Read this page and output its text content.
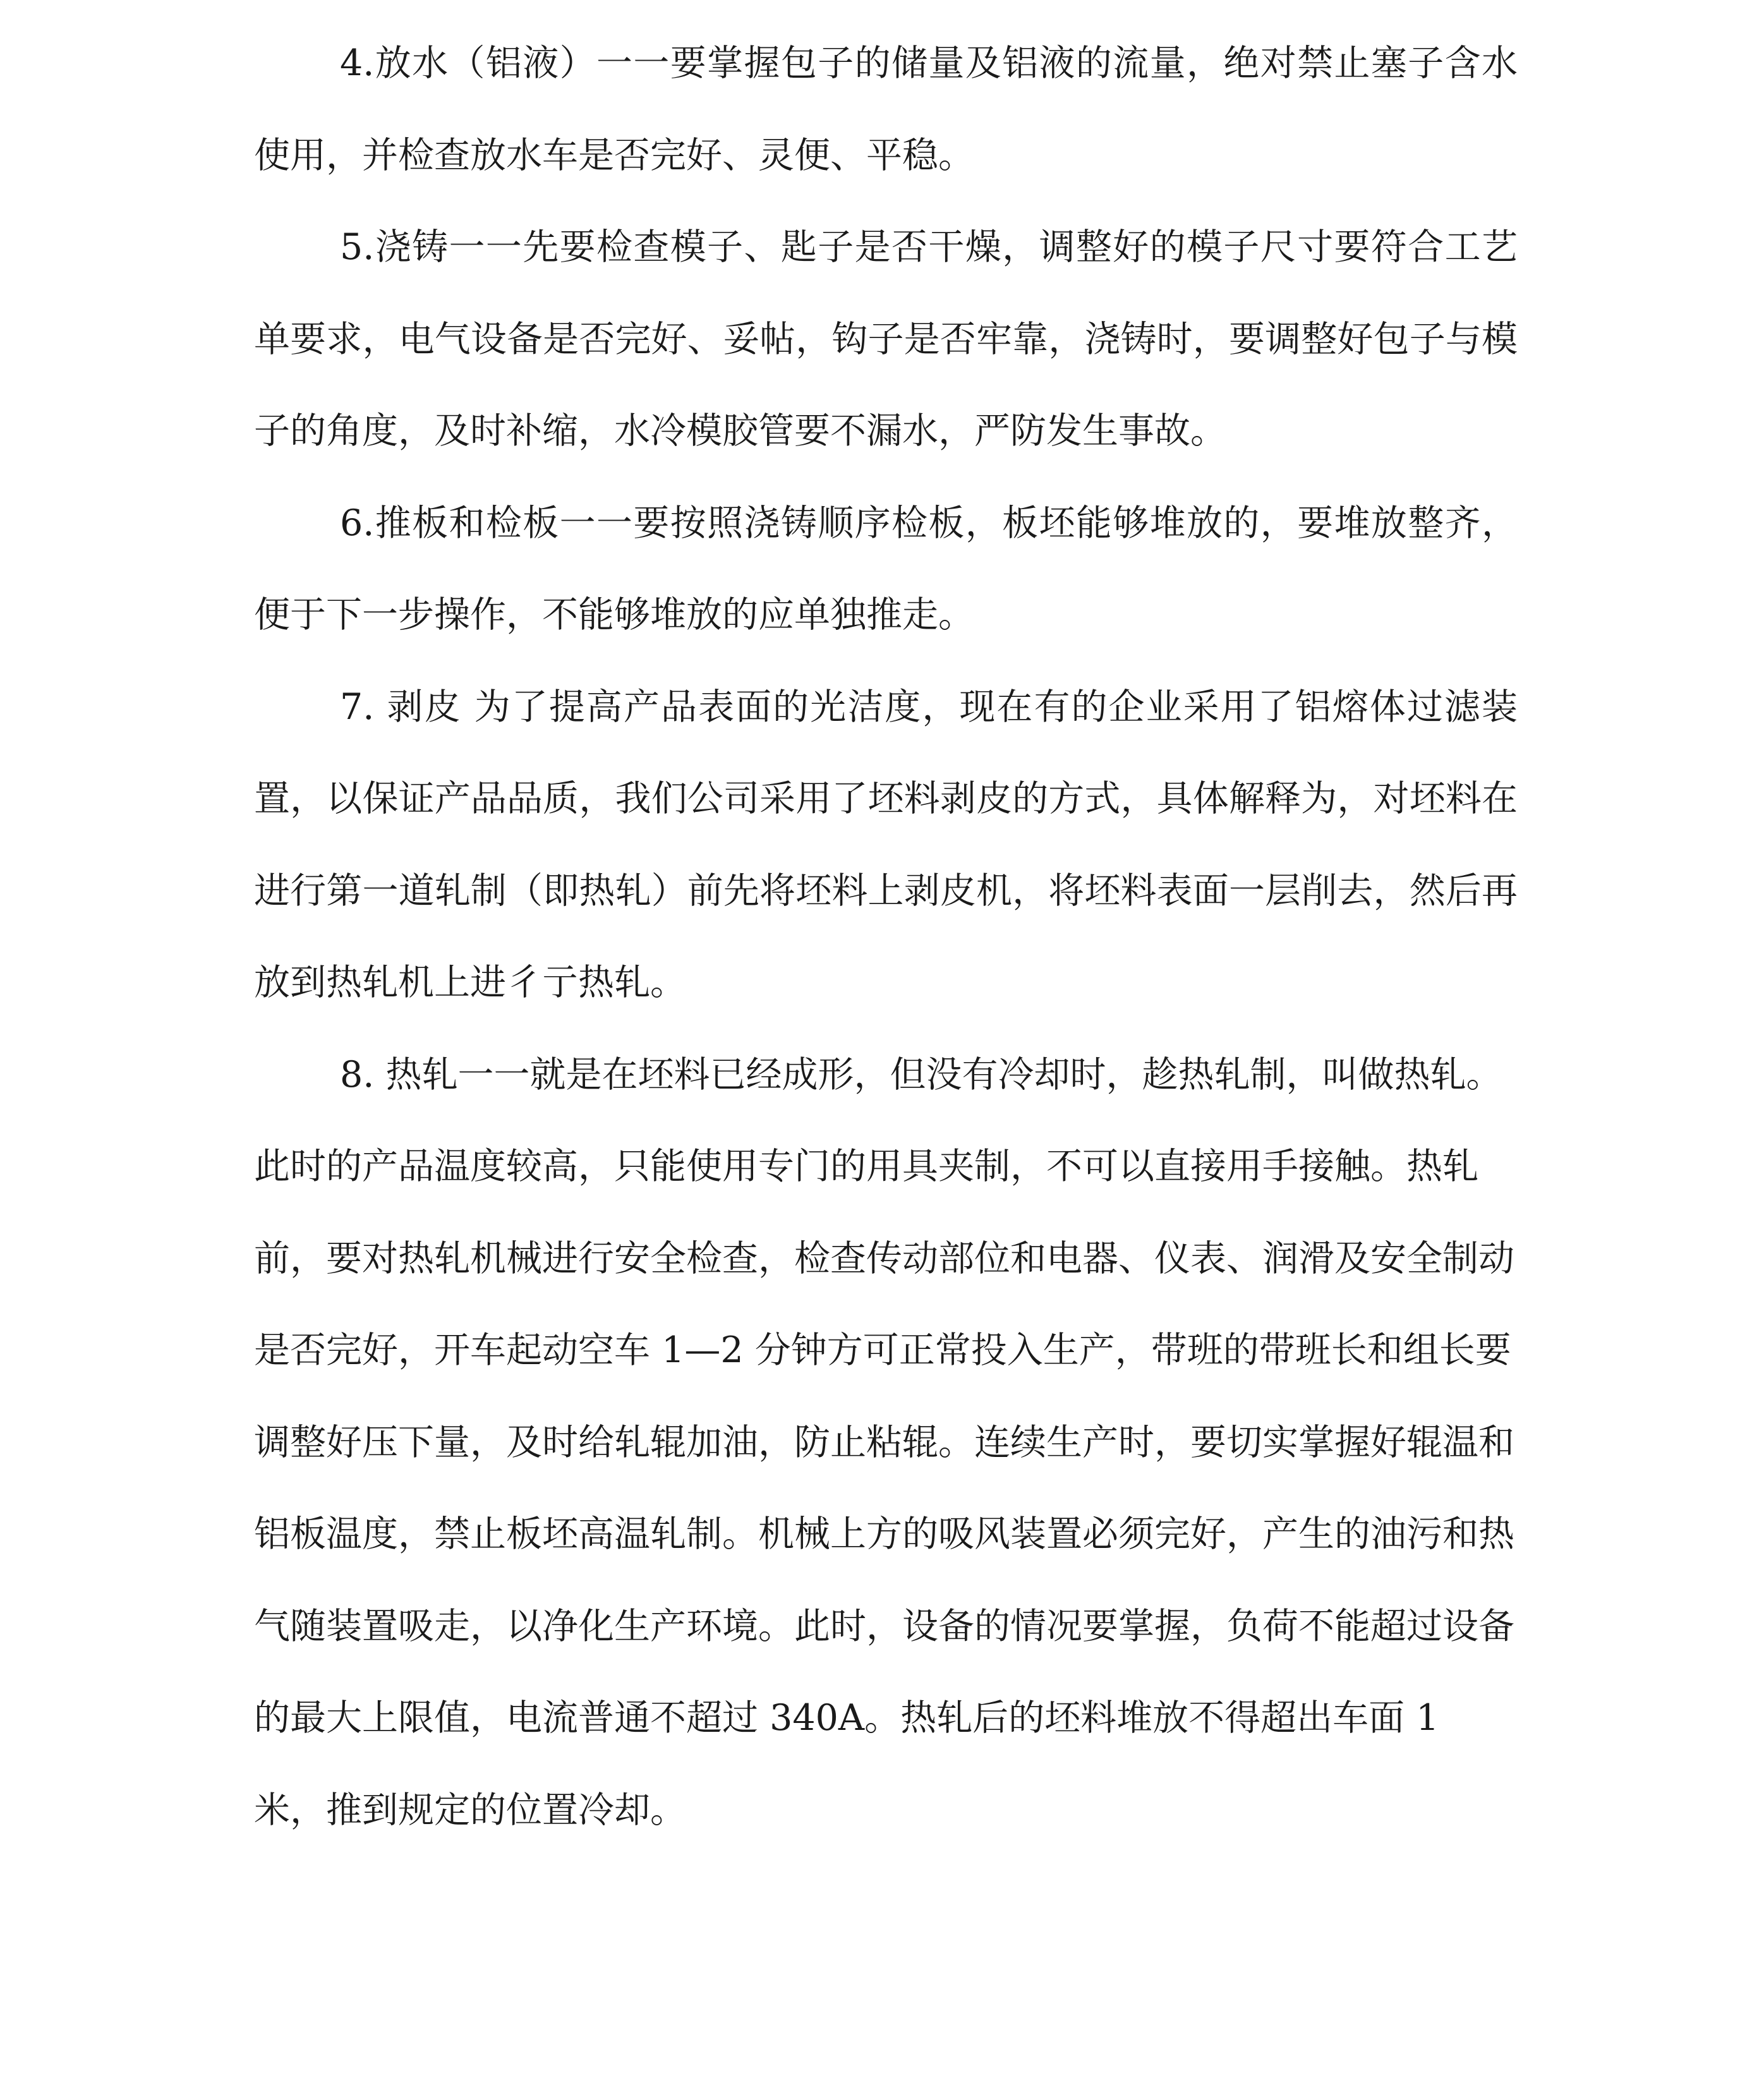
4.放水（铝液）一一要掌握包子的储量及铝液的流量，绝对禁止塞子含水使用，并检查放水车是否完好、灵便、平稳。

5.浇铸一一先要检查模子、匙子是否干燥，调整好的模子尺寸要符合工艺单要求，电气设备是否完好、妥帖，钩子是否牢靠，浇铸时，要调整好包子与模子的角度，及时补缩，水冷模胶管要不漏水，严防发生事故。

6.推板和检板一一要按照浇铸顺序检板，板坯能够堆放的，要堆放整齐，便于下一步操作，不能够堆放的应单独推走。

7. 剥皮 为了提高产品表面的光洁度，现在有的企业采用了铝熔体过滤装置，以保证产品品质，我们公司采用了坯料剥皮的方式，具体解释为，对坯料在进行第一道轧制（即热轧）前先将坯料上剥皮机，将坯料表面一层削去，然后再放到热轧机上进彳亍热轧。

8. 热轧一一就是在坯料已经成形，但没有冷却时，趁热轧制，叫做热轧。此时的产品温度较高，只能使用专门的用具夹制，不可以直接用手接触。热轧前，要对热轧机械进行安全检查，检查传动部位和电器、仪表、润滑及安全制动是否完好，开车起动空车 1—2 分钟方可正常投入生产，带班的带班长和组长要调整好压下量，及时给轧辊加油，防止粘辊。连续生产时，要切实掌握好辊温和铝板温度，禁止板坯高温轧制。机械上方的吸风装置必须完好，产生的油污和热气随装置吸走，以净化生产环境。此时，设备的情况要掌握，负荷不能超过设备的最大上限值，电流普通不超过 340A。热轧后的坯料堆放不得超出车面 1 米，推到规定的位置冷却。
